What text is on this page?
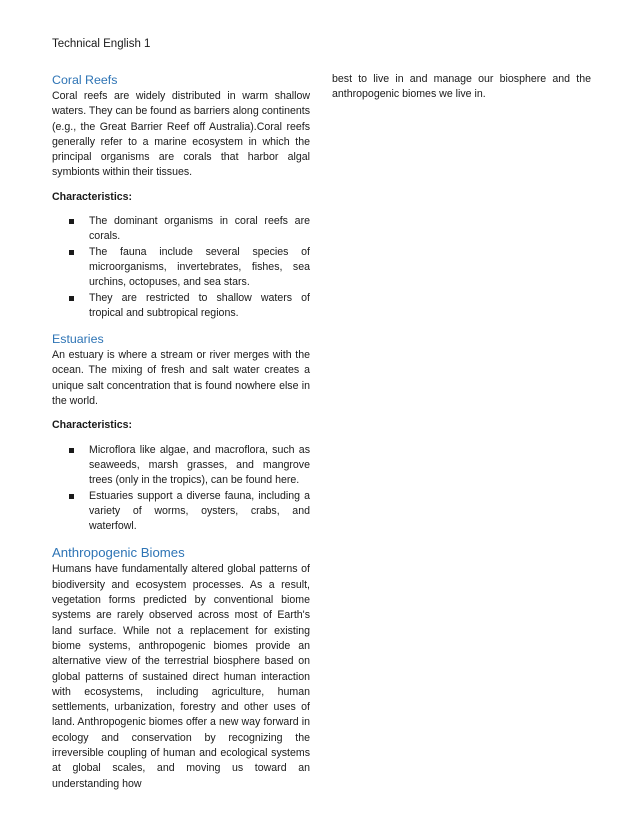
Technical English 1
Coral Reefs

Coral reefs are widely distributed in warm shallow waters. They can be found as barriers along continents (e.g., the Great Barrier Reef off Australia).Coral reefs generally refer to a marine ecosystem in which the principal organisms are corals that harbor algal symbionts within their tissues.

Characteristics:
The dominant organisms in coral reefs are corals.
The fauna include several species of microorganisms, invertebrates, fishes, sea urchins, octopuses, and sea stars.
They are restricted to shallow waters of tropical and subtropical regions.
Estuaries

An estuary is where a stream or river merges with the ocean. The mixing of fresh and salt water creates a unique salt concentration that is found nowhere else in the world.

Characteristics:
Microflora like algae, and macroflora, such as seaweeds, marsh grasses, and mangrove trees (only in the tropics), can be found here.
Estuaries support a diverse fauna, including a variety of worms, oysters, crabs, and waterfowl.
Anthropogenic Biomes

Humans have fundamentally altered global patterns of biodiversity and ecosystem processes. As a result, vegetation forms predicted by conventional biome systems are rarely observed across most of Earth's land surface. While not a replacement for existing biome systems, anthropogenic biomes provide an alternative view of the terrestrial biosphere based on global patterns of sustained direct human interaction with ecosystems, including agriculture, human settlements, urbanization, forestry and other uses of land. Anthropogenic biomes offer a new way forward in ecology and conservation by recognizing the irreversible coupling of human and ecological systems at global scales, and moving us toward an understanding how

best to live in and manage our biosphere and the anthropogenic biomes we live in.
